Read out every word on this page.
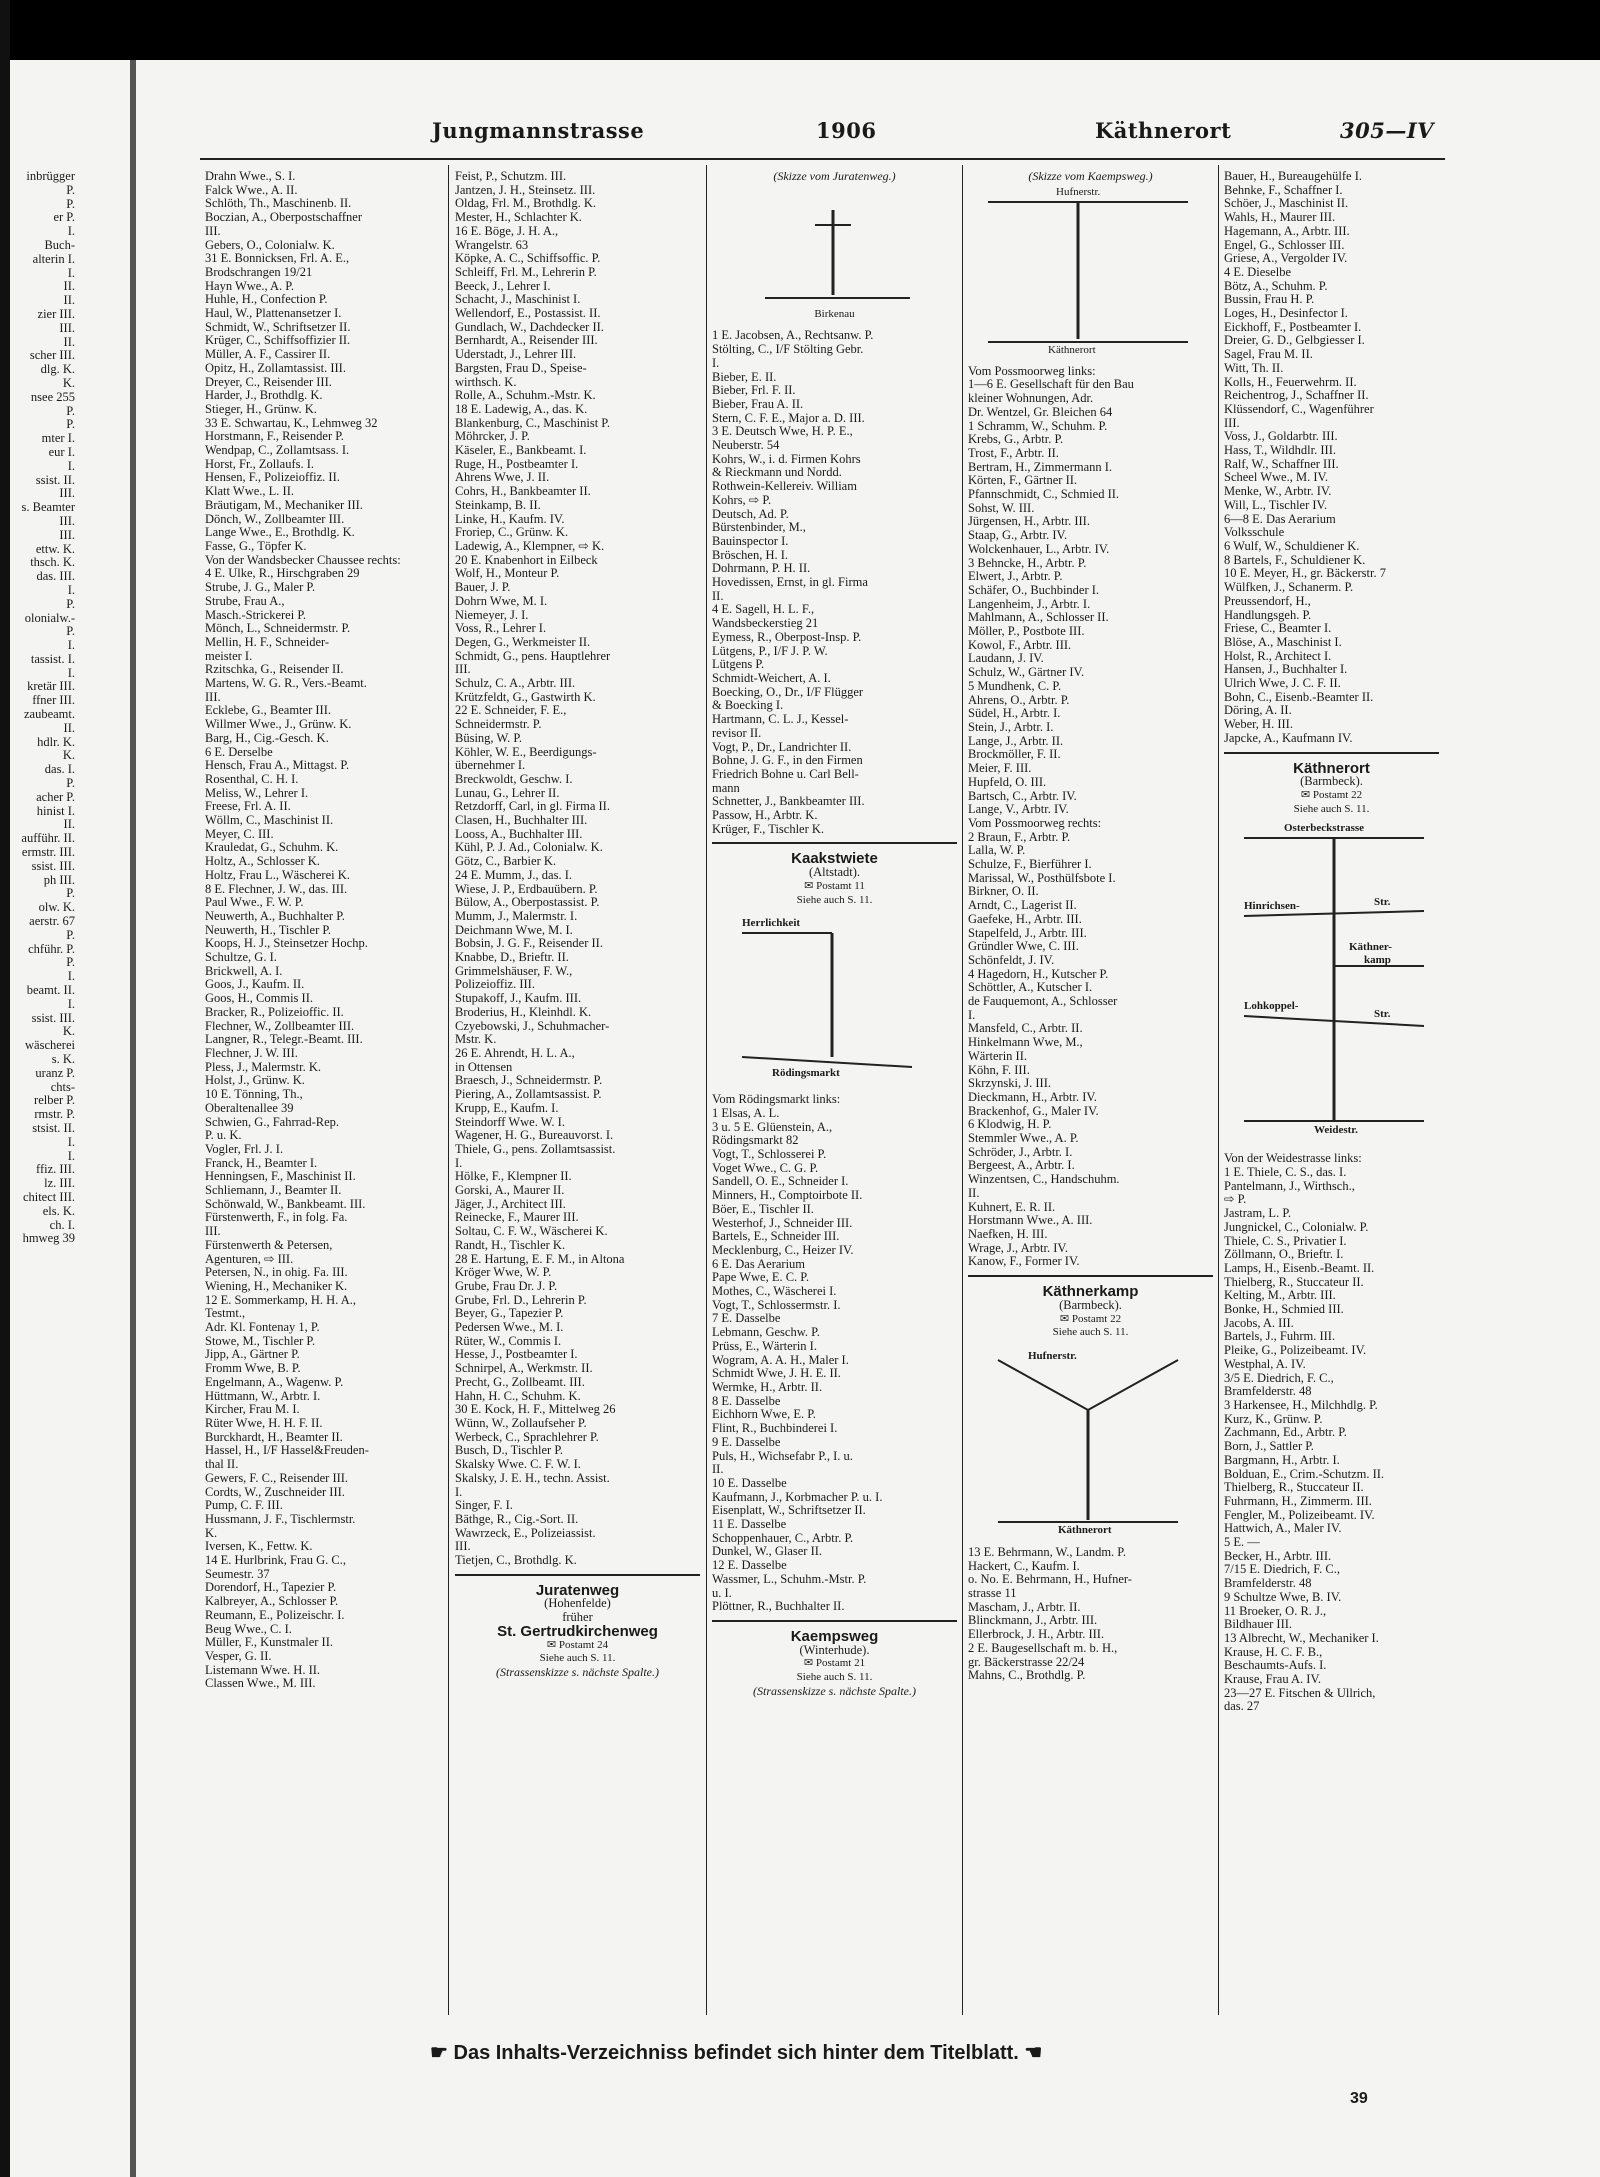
inbrügger
P.
P.
er P.
I.
Buch-
alterin I.
I.
II.
II.
zier III.
III.
II.
scher III.
dlg. K.
K.
nsee 255
P.
P.
mter I.
eur I.
I.
ssist. II.
III.
s. Beamter
III.
III.
ettw. K.
thsch. K.
das. III.
I.
P.
olonialw.-
P.
I.
tassist. I.
I.
kretär III.
ffner III.
zaubeamt.
II.
hdlr. K.
K.
das. I.
P.
acher P.
hinist I.
II.
aufführ. II.
ermstr. III.
ssist. III.
ph III.
P.
olw. K.
aerstr. 67
P.
chführ. P.
P.
I.
beamt. II.
I.
ssist. III.
K.
wäscherei
s. K.
uranz P.
chts-
relber P.
rmstr. P.
stsist. II.
I.
I.
ffiz. III.
lz. III.
chitect III.
els. K.
ch. I.
hmweg 39
Jungmannstrasse	1906	Käthnerort	305—IV
Drahn Wwe., S. I.
Falck Wwe., A. II.
Schlöth, Th., Maschinenb. II.
Boczian, A., Oberpostschaffner
III.
Gebers, O., Colonialw. K.
31 E. Bonnicksen, Frl. A. E.,
Brodschrangen 19/21
Hayn Wwe., A. P.
Huhle, H., Confection P.
Haul, W., Plattenansetzer I.
Schmidt, W., Schriftsetzer II.
Krüger, C., Schiffsoffizier II.
Müller, A. F., Cassirer II.
Opitz, H., Zollamtassist. III.
Dreyer, C., Reisender III.
Harder, J., Brothdlg. K.
Stieger, H., Grünw. K.
33 E. Schwartau, K., Lehmweg 32
Horstmann, F., Reisender P.
Wendpap, C., Zollamtsass. I.
Horst, Fr., Zollaufs. I.
Hensen, F., Polizeioffiz. II.
Klatt Wwe., L. II.
Bräutigam, M., Mechaniker III.
Dönch, W., Zollbeamter III.
Lange Wwe., E., Brothdlg. K.
Fasse, G., Töpfer K.
Von der Wandsbecker Chaussee rechts:
4 E. Ulke, R., Hirschgraben 29
Strube, J. G., Maler P.
Strube, Frau A.,
Masch.-Strickerei P.
Mönch, L., Schneidermstr. P.
Mellin, H. F., Schneider-
meister I.
Rzitschka, G., Reisender II.
Martens, W. G. R., Vers.-Beamt.
III.
Ecklebe, G., Beamter III.
Willmer Wwe., J., Grünw. K.
Barg, H., Cig.-Gesch. K.
6 E. Derselbe
Hensch, Frau A., Mittagst. P.
Rosenthal, C. H. I.
Meliss, W., Lehrer I.
Freese, Frl. A. II.
Wöllm, C., Maschinist II.
Meyer, C. III.
Krauledat, G., Schuhm. K.
Holtz, A., Schlosser K.
Holtz, Frau L., Wäscherei K.
8 E. Flechner, J. W., das. III.
Paul Wwe., F. W. P.
Neuwerth, A., Buchhalter P.
Neuwerth, H., Tischler P.
Koops, H. J., Steinsetzer Hochp.
Schultze, G. I.
Brickwell, A. I.
Goos, J., Kaufm. II.
Goos, H., Commis II.
Bracker, R., Polizeioffic. II.
Flechner, W., Zollbeamter III.
Langner, R., Telegr.-Beamt. III.
Flechner, J. W. III.
Pless, J., Malermstr. K.
Holst, J., Grünw. K.
10 E. Tönning, Th.,
Oberaltenallee 39
Schwien, G., Fahrrad-Rep.
P. u. K.
Vogler, Frl. J. I.
Franck, H., Beamter I.
Henningsen, F., Maschinist II.
Schliemann, J., Beamter II.
Schönwald, W., Bankbeamt. III.
Fürstenwerth, F., in folg. Fa.
III.
Fürstenwerth & Petersen,
Agenturen, ⇨ III.
Petersen, N., in ohig. Fa. III.
Wiening, H., Mechaniker K.
12 E. Sommerkamp, H. H. A.,
Testmt.,
Adr. Kl. Fontenay 1, P.
Stowe, M., Tischler P.
Jipp, A., Gärtner P.
Fromm Wwe, B. P.
Engelmann, A., Wagenw. P.
Hüttmann, W., Arbtr. I.
Kircher, Frau M. I.
Rüter Wwe, H. H. F. II.
Burckhardt, H., Beamter II.
Hassel, H., I/F Hassel&Freuden-
thal II.
Gewers, F. C., Reisender III.
Cordts, W., Zuschneider III.
Pump, C. F. III.
Hussmann, J. F., Tischlermstr.
K.
Iversen, K., Fettw. K.
14 E. Hurlbrink, Frau G. C.,
Seumestr. 37
Dorendorf, H., Tapezier P.
Kalbreyer, A., Schlosser P.
Reumann, E., Polizeischr. I.
Beug Wwe., C. I.
Müller, F., Kunstmaler II.
Vesper, G. II.
Listemann Wwe. H. II.
Classen Wwe., M. III.
Feist, P., Schutzm. III.
Jantzen, J. H., Steinsetz. III.
Oldag, Frl. M., Brothdlg. K.
Mester, H., Schlachter K.
16 E. Böge, J. H. A.,
Wrangelstr. 63
Köpke, A. C., Schiffsoffic. P.
Schleiff, Frl. M., Lehrerin P.
Beeck, J., Lehrer I.
Schacht, J., Maschinist I.
Wellendorf, E., Postassist. II.
Gundlach, W., Dachdecker II.
Bernhardt, A., Reisender III.
Uderstadt, J., Lehrer III.
Bargsten, Frau D., Speise-
wirthsch. K.
Rolle, A., Schuhm.-Mstr. K.
18 E. Ladewig, A., das. K.
Blankenburg, C., Maschinist P.
Möhrcker, J. P.
Käseler, E., Bankbeamt. I.
Ruge, H., Postbeamter I.
Ahrens Wwe, J. II.
Cohrs, H., Bankbeamter II.
Steinkamp, B. II.
Linke, H., Kaufm. IV.
Froriep, C., Grünw. K.
Ladewig, A., Klempner, ⇨ K.
20 E. Knabenhort in Eilbeck
Wolf, H., Monteur P.
Bauer, J. P.
Dohrn Wwe, M. I.
Niemeyer, J. I.
Voss, R., Lehrer I.
Degen, G., Werkmeister II.
Schmidt, G., pens. Hauptlehrer
III.
Schulz, C. A., Arbtr. III.
Krützfeldt, G., Gastwirth K.
22 E. Schneider, F. E.,
Schneidermstr. P.
Büsing, W. P.
Köhler, W. E., Beerdigungs-
übernehmer I.
Breckwoldt, Geschw. I.
Lunau, G., Lehrer II.
Retzdorff, Carl, in gl. Firma II.
Clasen, H., Buchhalter III.
Looss, A., Buchhalter III.
Kühl, P. J. Ad., Colonialw. K.
Götz, C., Barbier K.
24 E. Mumm, J., das. I.
Wiese, J. P., Erdbauübern. P.
Bülow, A., Oberpostassist. P.
Mumm, J., Malermstr. I.
Deichmann Wwe, M. I.
Bobsin, J. G. F., Reisender II.
Knabbe, D., Brieftr. II.
Grimmelshäuser, F. W.,
Polizeioffiz. III.
Stupakoff, J., Kaufm. III.
Broderius, H., Kleinhdl. K.
Czyebowski, J., Schuhmacher-
Mstr. K.
26 E. Ahrendt, H. L. A.,
in Ottensen
Braesch, J., Schneidermstr. P.
Piering, A., Zollamtsassist. P.
Krupp, E., Kaufm. I.
Steindorff Wwe. W. I.
Wagener, H. G., Bureauvorst. I.
Thiele, G., pens. Zollamtsassist.
I.
Hölke, F., Klempner II.
Gorski, A., Maurer II.
Jäger, J., Architect III.
Reinecke, F., Maurer III.
Soltau, C. F. W., Wäscherei K.
Randt, H., Tischler K.
28 E. Hartung, E. F. M., in Altona
Kröger Wwe, W. P.
Grube, Frau Dr. J. P.
Grube, Frl. D., Lehrerin P.
Beyer, G., Tapezier P.
Pedersen Wwe., M. I.
Rüter, W., Commis I.
Hesse, J., Postbeamter I.
Schnirpel, A., Werkmstr. II.
Precht, G., Zollbeamt. III.
Hahn, H. C., Schuhm. K.
30 E. Kock, H. F., Mittelweg 26
Wünn, W., Zollaufseher P.
Werbeck, C., Sprachlehrer P.
Busch, D., Tischler P.
Skalsky Wwe. C. F. W. I.
Skalsky, J. E. H., techn. Assist.
I.
Singer, F. I.
Bäthge, R., Cig.-Sort. II.
Wawrzeck, E., Polizeiassist.
III.
Tietjen, C., Brothdlg. K.
Juratenweg
(Hohenfelde)
früher
St. Gertrudkirchenweg
✉ Postamt 24
Siehe auch S. 11.
(Strassenskizze s. nächste Spalte.)
(Skizze vom Juratenweg.)
Birkenau
1 E. Jacobsen, A., Rechtsanw. P.
Stölting, C., I/F Stölting Gebr.
I.
Bieber, E. II.
Bieber, Frl. F. II.
Bieber, Frau A. II.
Stern, C. F. E., Major a. D. III.
3 E. Deutsch Wwe, H. P. E.,
Neuberstr. 54
Kohrs, W., i. d. Firmen Kohrs
& Rieckmann und Nordd.
Rothwein-Kellereiv. William
Kohrs, ⇨ P.
Deutsch, Ad. P.
Bürstenbinder, M.,
Bauinspector I.
Bröschen, H. I.
Dohrmann, P. H. II.
Hovedissen, Ernst, in gl. Firma
II.
4 E. Sagell, H. L. F.,
Wandsbeckerstieg 21
Eymess, R., Oberpost-Insp. P.
Lütgens, P., I/F J. P. W.
Lütgens P.
Schmidt-Weichert, A. I.
Boecking, O., Dr., I/F Flügger
& Boecking I.
Hartmann, C. L. J., Kessel-
revisor II.
Vogt, P., Dr., Landrichter II.
Bohne, J. G. F., in den Firmen
Friedrich Bohne u. Carl Bell-
mann
Schnetter, J., Bankbeamter III.
Passow, H., Arbtr. K.
Krüger, F., Tischler K.
Kaakstwiete
(Altstadt).
✉ Postamt 11
Siehe auch S. 11.
Herrlichkeit
Rödingsmarkt
Vom Rödingsmarkt links:
1 Elsas, A. L.
3 u. 5 E. Glüenstein, A.,
Rödingsmarkt 82
Vogt, T., Schlosserei P.
Voget Wwe., C. G. P.
Sandell, O. E., Schneider I.
Minners, H., Comptoirbote II.
Böer, E., Tischler II.
Westerhof, J., Schneider III.
Bartels, E., Schneider III.
Mecklenburg, C., Heizer IV.
6 E. Das Aerarium
Pape Wwe, E. C. P.
Mothes, C., Wäscherei I.
Vogt, T., Schlossermstr. I.
7 E. Dasselbe
Lebmann, Geschw. P.
Prüss, E., Wärterin I.
Wogram, A. A. H., Maler I.
Schmidt Wwe, J. H. E. II.
Wermke, H., Arbtr. II.
8 E. Dasselbe
Eichhorn Wwe, E. P.
Flint, R., Buchbinderei I.
9 E. Dasselbe
Puls, H., Wichsefabr P., I. u.
II.
10 E. Dasselbe
Kaufmann, J., Korbmacher P. u. I.
Eisenplatt, W., Schriftsetzer II.
11 E. Dasselbe
Schoppenhauer, C., Arbtr. P.
Dunkel, W., Glaser II.
12 E. Dasselbe
Wassmer, L., Schuhm.-Mstr. P.
u. I.
Plöttner, R., Buchhalter II.
Kaempsweg
(Winterhude).
✉ Postamt 21
Siehe auch S. 11.
(Strassenskizze s. nächste Spalte.)
(Skizze vom Kaempsweg.)
Hufnerstr.
Käthnerort
Vom Possmoorweg links:
1—6 E. Gesellschaft für den Bau
kleiner Wohnungen, Adr.
Dr. Wentzel, Gr. Bleichen 64
1 Schramm, W., Schuhm. P.
Krebs, G., Arbtr. P.
Trost, F., Arbtr. II.
Bertram, H., Zimmermann I.
Körten, F., Gärtner II.
Pfannschmidt, C., Schmied II.
Sohst, W. III.
Jürgensen, H., Arbtr. III.
Staap, G., Arbtr. IV.
Wolckenhauer, L., Arbtr. IV.
3 Behncke, H., Arbtr. P.
Elwert, J., Arbtr. P.
Schäfer, O., Buchbinder I.
Langenheim, J., Arbtr. I.
Mahlmann, A., Schlosser II.
Möller, P., Postbote III.
Kowol, F., Arbtr. III.
Laudann, J. IV.
Schulz, W., Gärtner IV.
5 Mundhenk, C. P.
Ahrens, O., Arbtr. P.
Südel, H., Arbtr. I.
Stein, J., Arbtr. I.
Lange, J., Arbtr. II.
Brockmöller, F. II.
Meier, F. III.
Hupfeld, O. III.
Bartsch, C., Arbtr. IV.
Lange, V., Arbtr. IV.
Vom Possmoorweg rechts:
2 Braun, F., Arbtr. P.
Lalla, W. P.
Schulze, F., Bierführer I.
Marissal, W., Posthülfsbote I.
Birkner, O. II.
Arndt, C., Lagerist II.
Gaefeke, H., Arbtr. III.
Stapelfeld, J., Arbtr. III.
Gründler Wwe, C. III.
Schönfeldt, J. IV.
4 Hagedorn, H., Kutscher P.
Schöttler, A., Kutscher I.
de Fauquemont, A., Schlosser
I.
Mansfeld, C., Arbtr. II.
Hinkelmann Wwe, M.,
Wärterin II.
Köhn, F. III.
Skrzynski, J. III.
Dieckmann, H., Arbtr. IV.
Brackenhof, G., Maler IV.
6 Klodwig, H. P.
Stemmler Wwe., A. P.
Schröder, J., Arbtr. I.
Bergeest, A., Arbtr. I.
Winzentsen, C., Handschuhm.
II.
Kuhnert, E. R. II.
Horstmann Wwe., A. III.
Naefken, H. III.
Wrage, J., Arbtr. IV.
Kanow, F., Former IV.
Käthnerkamp
(Barmbeck).
✉ Postamt 22
Siehe auch S. 11.
Hufnerstr.
Käthnerort
13 E. Behrmann, W., Landm. P.
Hackert, C., Kaufm. I.
o. No. E. Behrmann, H., Hufner-
strasse 11
Mascham, J., Arbtr. II.
Blinckmann, J., Arbtr. III.
Ellerbrock, J. H., Arbtr. III.
2 E. Baugesellschaft m. b. H.,
gr. Bäckerstrasse 22/24
Mahns, C., Brothdlg. P.
Bauer, H., Bureaugehülfe I.
Behnke, F., Schaffner I.
Schöer, J., Maschinist II.
Wahls, H., Maurer III.
Hagemann, A., Arbtr. III.
Engel, G., Schlosser III.
Griese, A., Vergolder IV.
4 E. Dieselbe
Bötz, A., Schuhm. P.
Bussin, Frau H. P.
Loges, H., Desinfector I.
Eickhoff, F., Postbeamter I.
Dreier, G. D., Gelbgiesser I.
Sagel, Frau M. II.
Witt, Th. II.
Kolls, H., Feuerwehrm. II.
Reichentrog, J., Schaffner II.
Klüssendorf, C., Wagenführer
III.
Voss, J., Goldarbtr. III.
Hass, T., Wildhdlr. III.
Ralf, W., Schaffner III.
Scheel Wwe., M. IV.
Menke, W., Arbtr. IV.
Will, L., Tischler IV.
6—8 E. Das Aerarium
Volksschule
6 Wulf, W., Schuldiener K.
8 Bartels, F., Schuldiener K.
10 E. Meyer, H., gr. Bäckerstr. 7
Wülfken, J., Schanerm. P.
Preussendorf, H.,
Handlungsgeh. P.
Friese, C., Beamter I.
Blöse, A., Maschinist I.
Holst, R., Architect I.
Hansen, J., Buchhalter I.
Ulrich Wwe, J. C. F. II.
Bohn, C., Eisenb.-Beamter II.
Döring, A. II.
Weber, H. III.
Japcke, A., Kaufmann IV.
Käthnerort
(Barmbeck).
✉ Postamt 22
Siehe auch S. 11.
Osterbeckstrasse
Hinrichsen-	Str.
Käthner-
kamp
Lohkoppel-
Str.
Weidestr.
Von der Weidestrasse links:
1 E. Thiele, C. S., das. I.
Pantelmann, J., Wirthsch.,
⇨ P.
Jastram, L. P.
Jungnickel, C., Colonialw. P.
Thiele, C. S., Privatier I.
Zöllmann, O., Brieftr. I.
Lamps, H., Eisenb.-Beamt. II.
Thielberg, R., Stuccateur II.
Kelting, M., Arbtr. III.
Bonke, H., Schmied III.
Jacobs, A. III.
Bartels, J., Fuhrm. III.
Pleike, G., Polizeibeamt. IV.
Westphal, A. IV.
3/5 E. Diedrich, F. C.,
Bramfelderstr. 48
3 Harkensee, H., Milchhdlg. P.
Kurz, K., Grünw. P.
Zachmann, Ed., Arbtr. P.
Born, J., Sattler P.
Bargmann, H., Arbtr. I.
Bolduan, E., Crim.-Schutzm. II.
Thielberg, R., Stuccateur II.
Fuhrmann, H., Zimmerm. III.
Fengler, M., Polizeibeamt. IV.
Hattwich, A., Maler IV.
5 E. —
Becker, H., Arbtr. III.
7/15 E. Diedrich, F. C.,
Bramfelderstr. 48
9 Schultze Wwe, B. IV.
11 Broeker, O. R. J.,
Bildhauer III.
13 Albrecht, W., Mechaniker I.
Krause, H. C. F. B.,
Beschaumts-Aufs. I.
Krause, Frau A. IV.
23—27 E. Fitschen & Ullrich,
das. 27
☛ Das Inhalts-Verzeichniss befindet sich hinter dem Titelblatt. ☚
39
